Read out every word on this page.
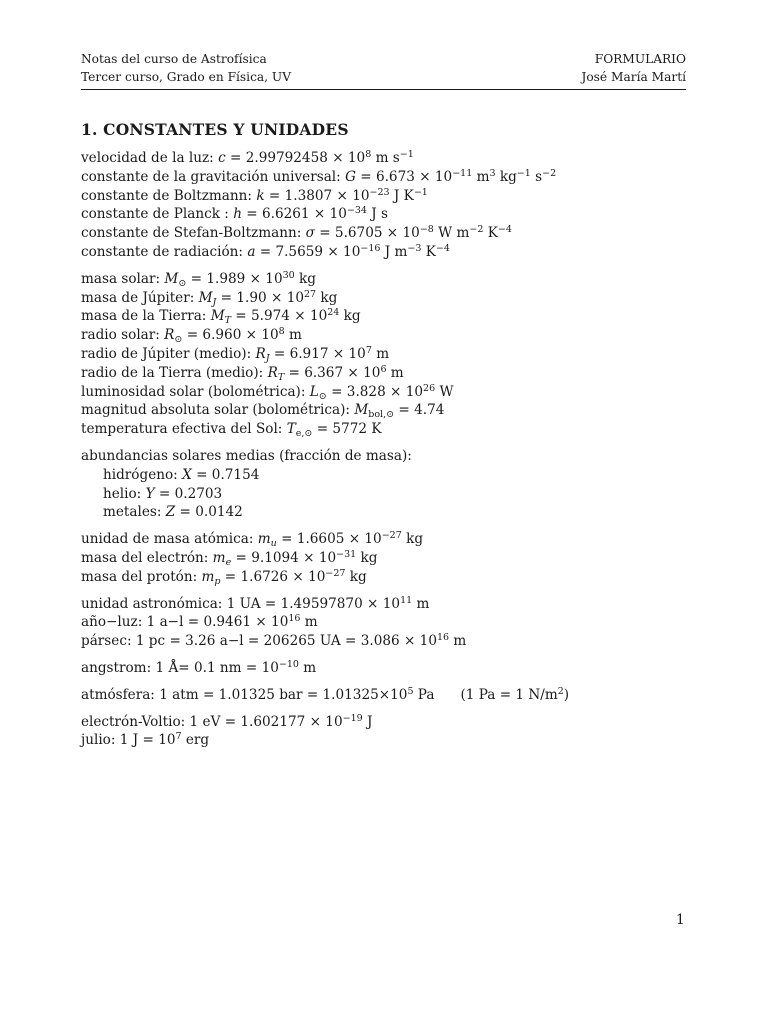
Notas del curso de Astrofísica
Tercer curso, Grado en Física, UV
FORMULARIO
José María Martí
1. CONSTANTES Y UNIDADES
velocidad de la luz: $c = 2.99792458 \times 10^8$ m $s^{-1}$
constante de la gravitación universal: $G = 6.673 \times 10^{-11}$ $m^3$ $kg^{-1}$ $s^{-2}$
constante de Boltzmann: $k = 1.3807 \times 10^{-23}$ J $K^{-1}$
constante de Planck : $h = 6.6261 \times 10^{-34}$ J s
constante de Stefan-Boltzmann: $\sigma = 5.6705 \times 10^{-8}$ W $m^{-2}$ $K^{-4}$
constante de radiación: $a = 7.5659 \times 10^{-16}$ J $m^{-3}$ $K^{-4}$
masa solar: $M_⊙ = 1.989 \times 10^{30}$ kg
masa de Júpiter: $M_J = 1.90 \times 10^{27}$ kg
masa de la Tierra: $M_T = 5.974 \times 10^{24}$ kg
radio solar: $R_⊙ = 6.960 \times 10^8$ m
radio de Júpiter (medio): $R_J = 6.917 \times 10^7$ m
radio de la Tierra (medio): $R_T = 6.367 \times 10^6$ m
luminosidad solar (bolométrica): $L_⊙ = 3.828 \times 10^{26}$ W
magnitud absoluta solar (bolométrica): $M_{bol,⊙} = 4.74$
temperatura efectiva del Sol: $T_{e,⊙} = 5772$ K
abundancias solares medias (fracción de masa):
hidrógeno: X = 0.7154
helio: Y = 0.2703
metales: Z = 0.0142
unidad de masa atómica: $m_u = 1.6605 \times 10^{-27}$ kg
masa del electrón: $m_e = 9.1094 \times 10^{-31}$ kg
masa del protón: $m_p = 1.6726 \times 10^{-27}$ kg
unidad astronómica: 1 UA = $1.49597870 \times 10^{11}$ m
año−luz: 1 $a-l = 0.9461 \times 10^{16}$ m
pársec: 1 pc = 3.26 a−l = 206265 UA = $3.086 \times 10^{16}$ m
angstrom: 1 Å= 0.1 nm = $10^{-10}$ m
atmósfera: 1 atm = 1.01325 bar = $1.01325\times 10^5$ Pa (1 Pa = 1 $N/m^2$)
electrón-Voltio: 1 eV = $1.602177 \times 10^{-19}$ J
julio: 1 $J = 10^7$ erg
1
